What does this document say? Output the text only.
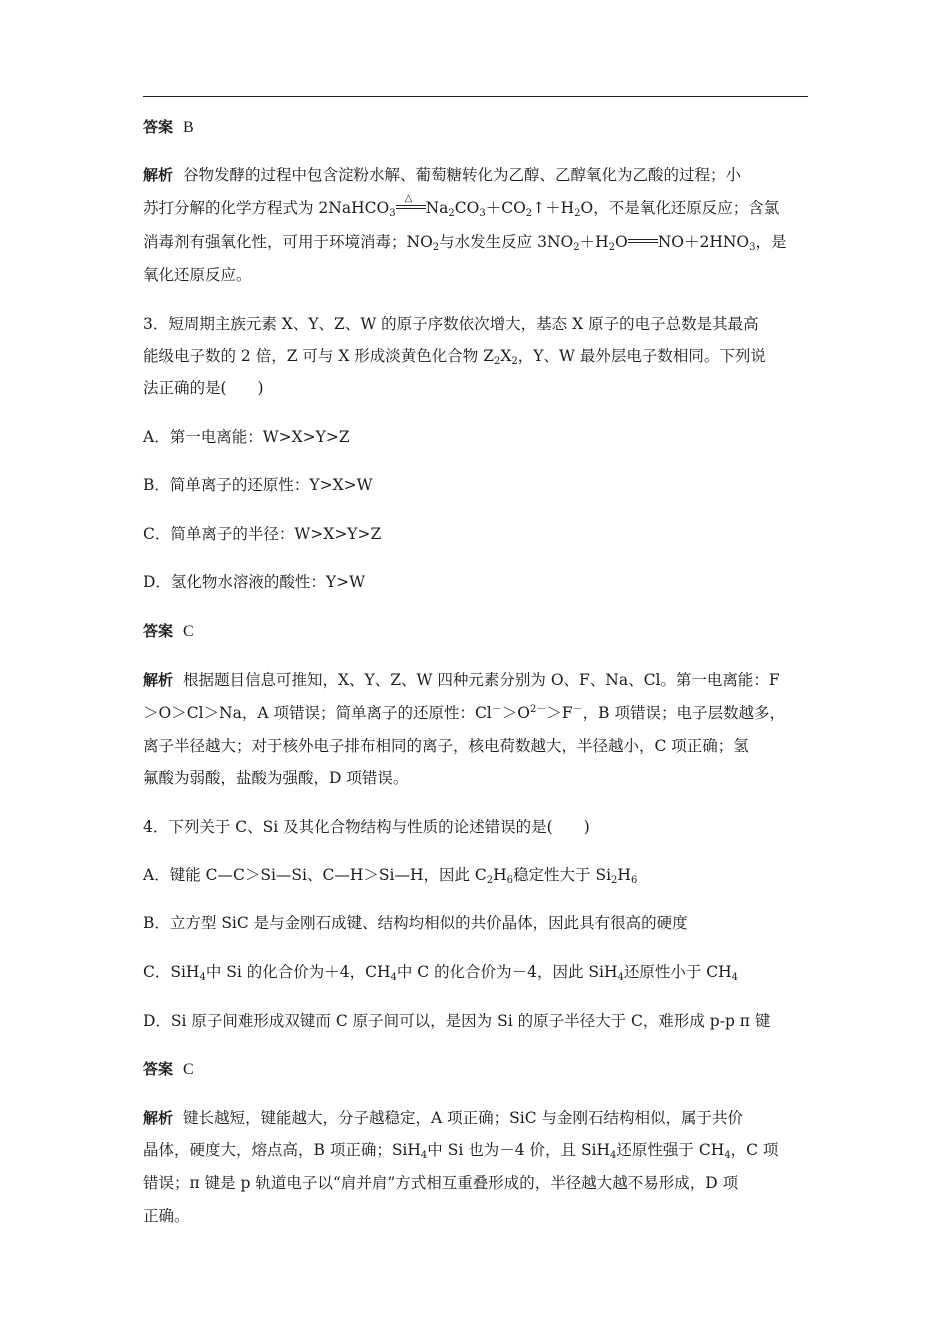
答案 B
解析 谷物发酵的过程中包含淀粉水解、葡萄糖转化为乙醇、乙醇氧化为乙酸的过程；小
苏打分解的化学方程式为 2NaHCO$_3$
△
$Na_2CO_3+CO_2↑+H_2O$，不是氧化还原反应；含氯
消毒剂有强氧化性，可用于环境消毒；$NO_2$与水发生反应 $3NO_2+H_2O$ $NO+2HNO_3$，是
氧化还原反应。
3．短周期主族元素 X、Y、Z、W 的原子序数依次增大，基态 X 原子的电子总数是其最高
能级电子数的 2 倍，Z 可与 X 形成淡黄色化合物 $Z_2X_2$，Y、W 最外层电子数相同。下列说
法正确的是(　　)
A．第一电离能：W>X>Y>Z
B．简单离子的还原性：Y>X>W
C．简单离子的半径：W>X>Y>Z
D．氢化物水溶液的酸性：Y>W
答案 C
解析 根据题目信息可推知，X、Y、Z、W 四种元素分别为 O、F、Na、Cl。第一电离能：F
＞O＞Cl＞Na，A 项错误；简单离子的还原性：$Cl^->O^{2-}>F^-$，B 项错误；电子层数越多，
离子半径越大；对于核外电子排布相同的离子，核电荷数越大，半径越小，C 项正确；氢
氟酸为弱酸，盐酸为强酸，D 项错误。
4．下列关于 C、Si 及其化合物结构与性质的论述错误的是(　　)
A．键能 C—C＞Si—Si、C—H＞Si—H，因此 $C_2H_6$稳定性大于 $Si_2H_6$
B．立方型 SiC 是与金刚石成键、结构均相似的共价晶体，因此具有很高的硬度
C．SiH$_4$中 Si 的化合价为＋4，$CH_4$中 C 的化合价为－4，因此 SiH$_4$还原性小于 $CH_4$
D．Si 原子间难形成双键而 C 原子间可以，是因为 Si 的原子半径大于 C，难形成 p-p π 键
答案 C
解析 键长越短，键能越大，分子越稳定，A 项正确；SiC 与金刚石结构相似，属于共价
晶体，硬度大，熔点高，B 项正确；SiH$_4$中 Si 也为－4 价，且 SiH$_4$还原性强于 $CH_4$，C 项
错误；π 键是 p 轨道电子以“肩并肩”方式相互重叠形成的，半径越大越不易形成，D 项
正确。
